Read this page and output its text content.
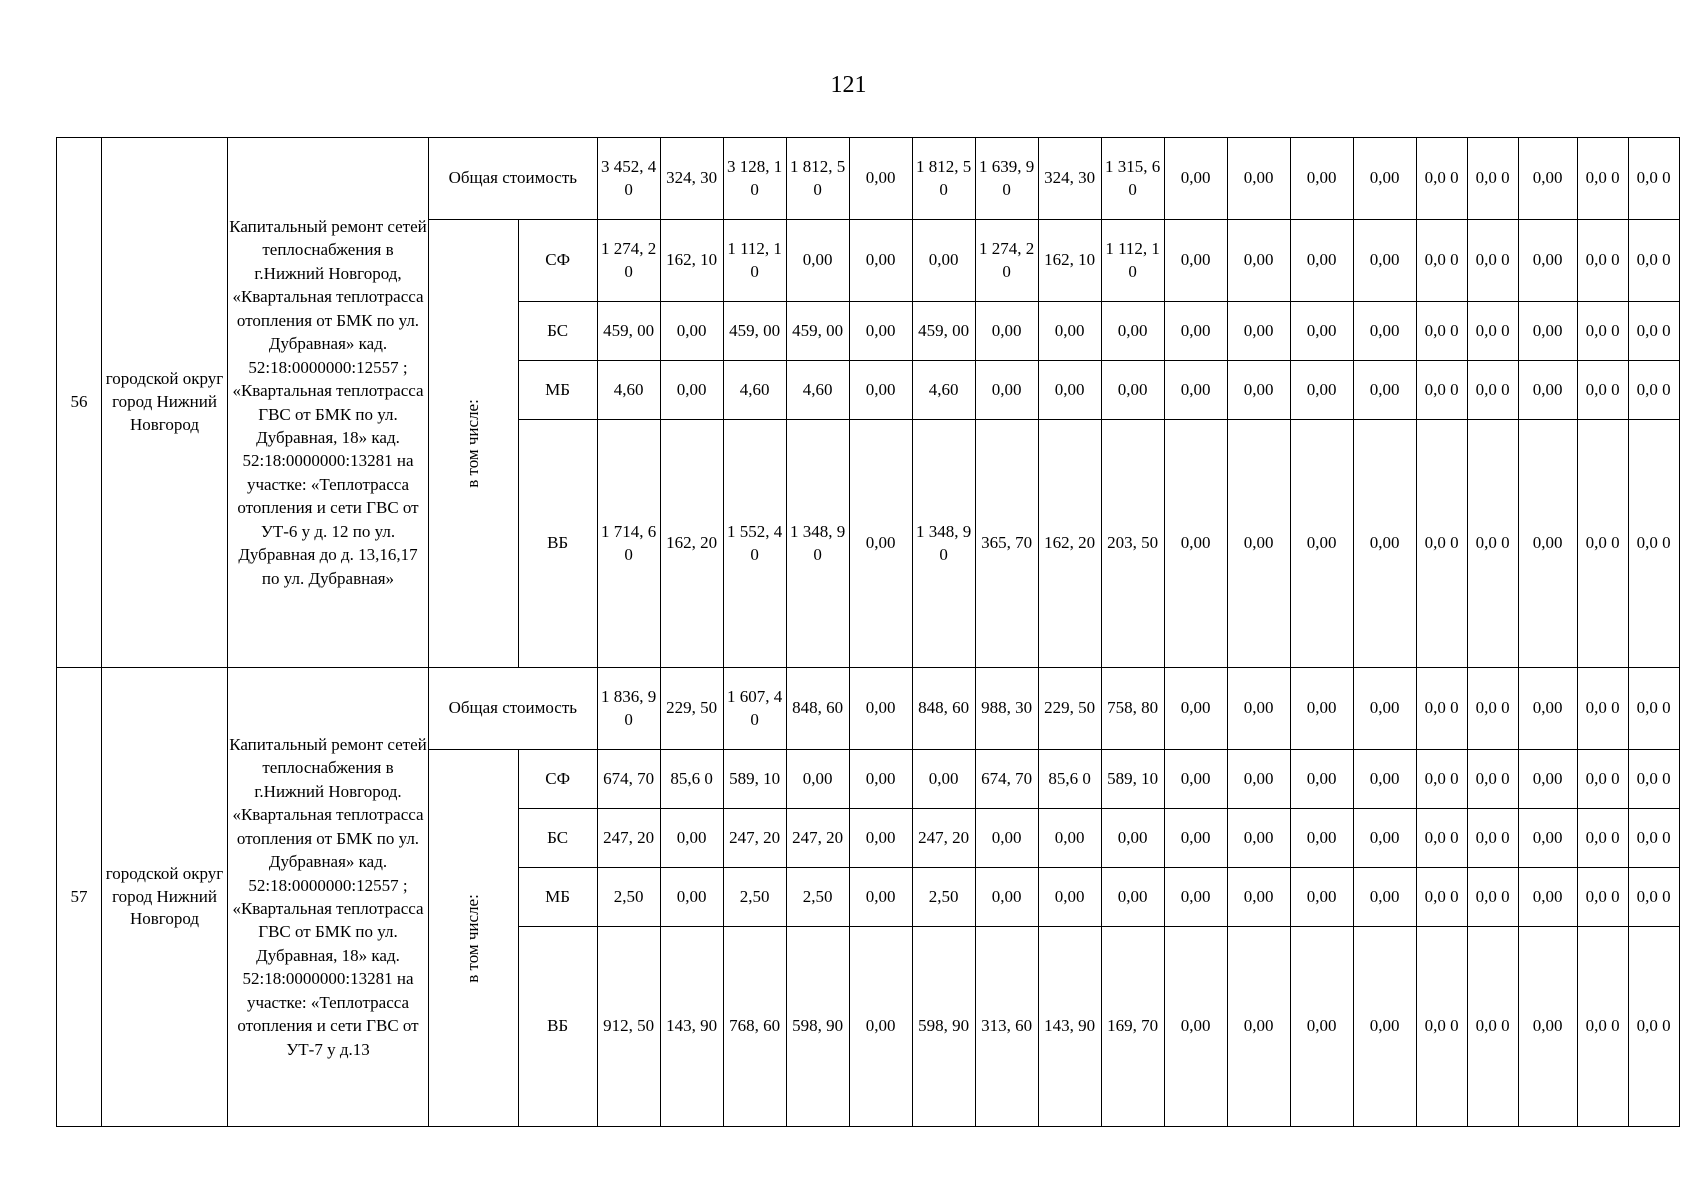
121
56	городской округ город Нижний Новгород	Капитальный ремонт сетей теплоснабжения в г.Нижний Новгород, «Квартальная теплотрасса отопления от БМК по ул. Дубравная» кад. 52:18:0000000:12557 ; «Квартальная теплотрасса ГВС от БМК по ул. Дубравная, 18» кад. 52:18:0000000:13281 на участке: «Теплотрасса отопления и сети ГВС от УТ-6 у д. 12 по ул. Дубравная до д. 13,16,17 по ул. Дубравная»	Общая стоимость		3 452, 40	324, 30	3 128, 10	1 812, 50	0,00	1 812, 50	1 639, 90	324, 30	1 315, 60	0,00	0,00	0,00	0,00	0,0 0	0,0 0	0,00	0,0 0	0,0 0
			в том числе:	СФ	1 274, 20	162, 10	1 112, 10	0,00	0,00	0,00	1 274, 20	162, 10	1 112, 10	0,00	0,00	0,00	0,00	0,0 0	0,0 0	0,00	0,0 0	0,0 0
				БС	459, 00	0,00	459, 00	459, 00	0,00	459, 00	0,00	0,00	0,00	0,00	0,00	0,00	0,00	0,0 0	0,0 0	0,00	0,0 0	0,0 0
				МБ	4,60	0,00	4,60	4,60	0,00	4,60	0,00	0,00	0,00	0,00	0,00	0,00	0,00	0,0 0	0,0 0	0,00	0,0 0	0,0 0
				ВБ	1 714, 60	162, 20	1 552, 40	1 348, 90	0,00	1 348, 90	365, 70	162, 20	203, 50	0,00	0,00	0,00	0,00	0,0 0	0,0 0	0,00	0,0 0	0,0 0
57	городской округ город Нижний Новгород	Капитальный ремонт сетей теплоснабжения в г.Нижний Новгород. «Квартальная теплотрасса отопления от БМК по ул. Дубравная» кад. 52:18:0000000:12557 ; «Квартальная теплотрасса ГВС от БМК по ул. Дубравная, 18» кад. 52:18:0000000:13281 на участке: «Теплотрасса отопления и сети ГВС от УТ-7 у д.13	Общая стоимость		1 836, 90	229, 50	1 607, 40	848, 60	0,00	848, 60	988, 30	229, 50	758, 80	0,00	0,00	0,00	0,00	0,0 0	0,0 0	0,00	0,0 0	0,0 0
			в том числе:	СФ	674, 70	85,6 0	589, 10	0,00	0,00	0,00	674, 70	85,6 0	589, 10	0,00	0,00	0,00	0,00	0,0 0	0,0 0	0,00	0,0 0	0,0 0
				БС	247, 20	0,00	247, 20	247, 20	0,00	247, 20	0,00	0,00	0,00	0,00	0,00	0,00	0,00	0,0 0	0,0 0	0,00	0,0 0	0,0 0
				МБ	2,50	0,00	2,50	2,50	0,00	2,50	0,00	0,00	0,00	0,00	0,00	0,00	0,00	0,0 0	0,0 0	0,00	0,0 0	0,0 0
				ВБ	912, 50	143, 90	768, 60	598, 90	0,00	598, 90	313, 60	143, 90	169, 70	0,00	0,00	0,00	0,00	0,0 0	0,0 0	0,00	0,0 0	0,0 0
